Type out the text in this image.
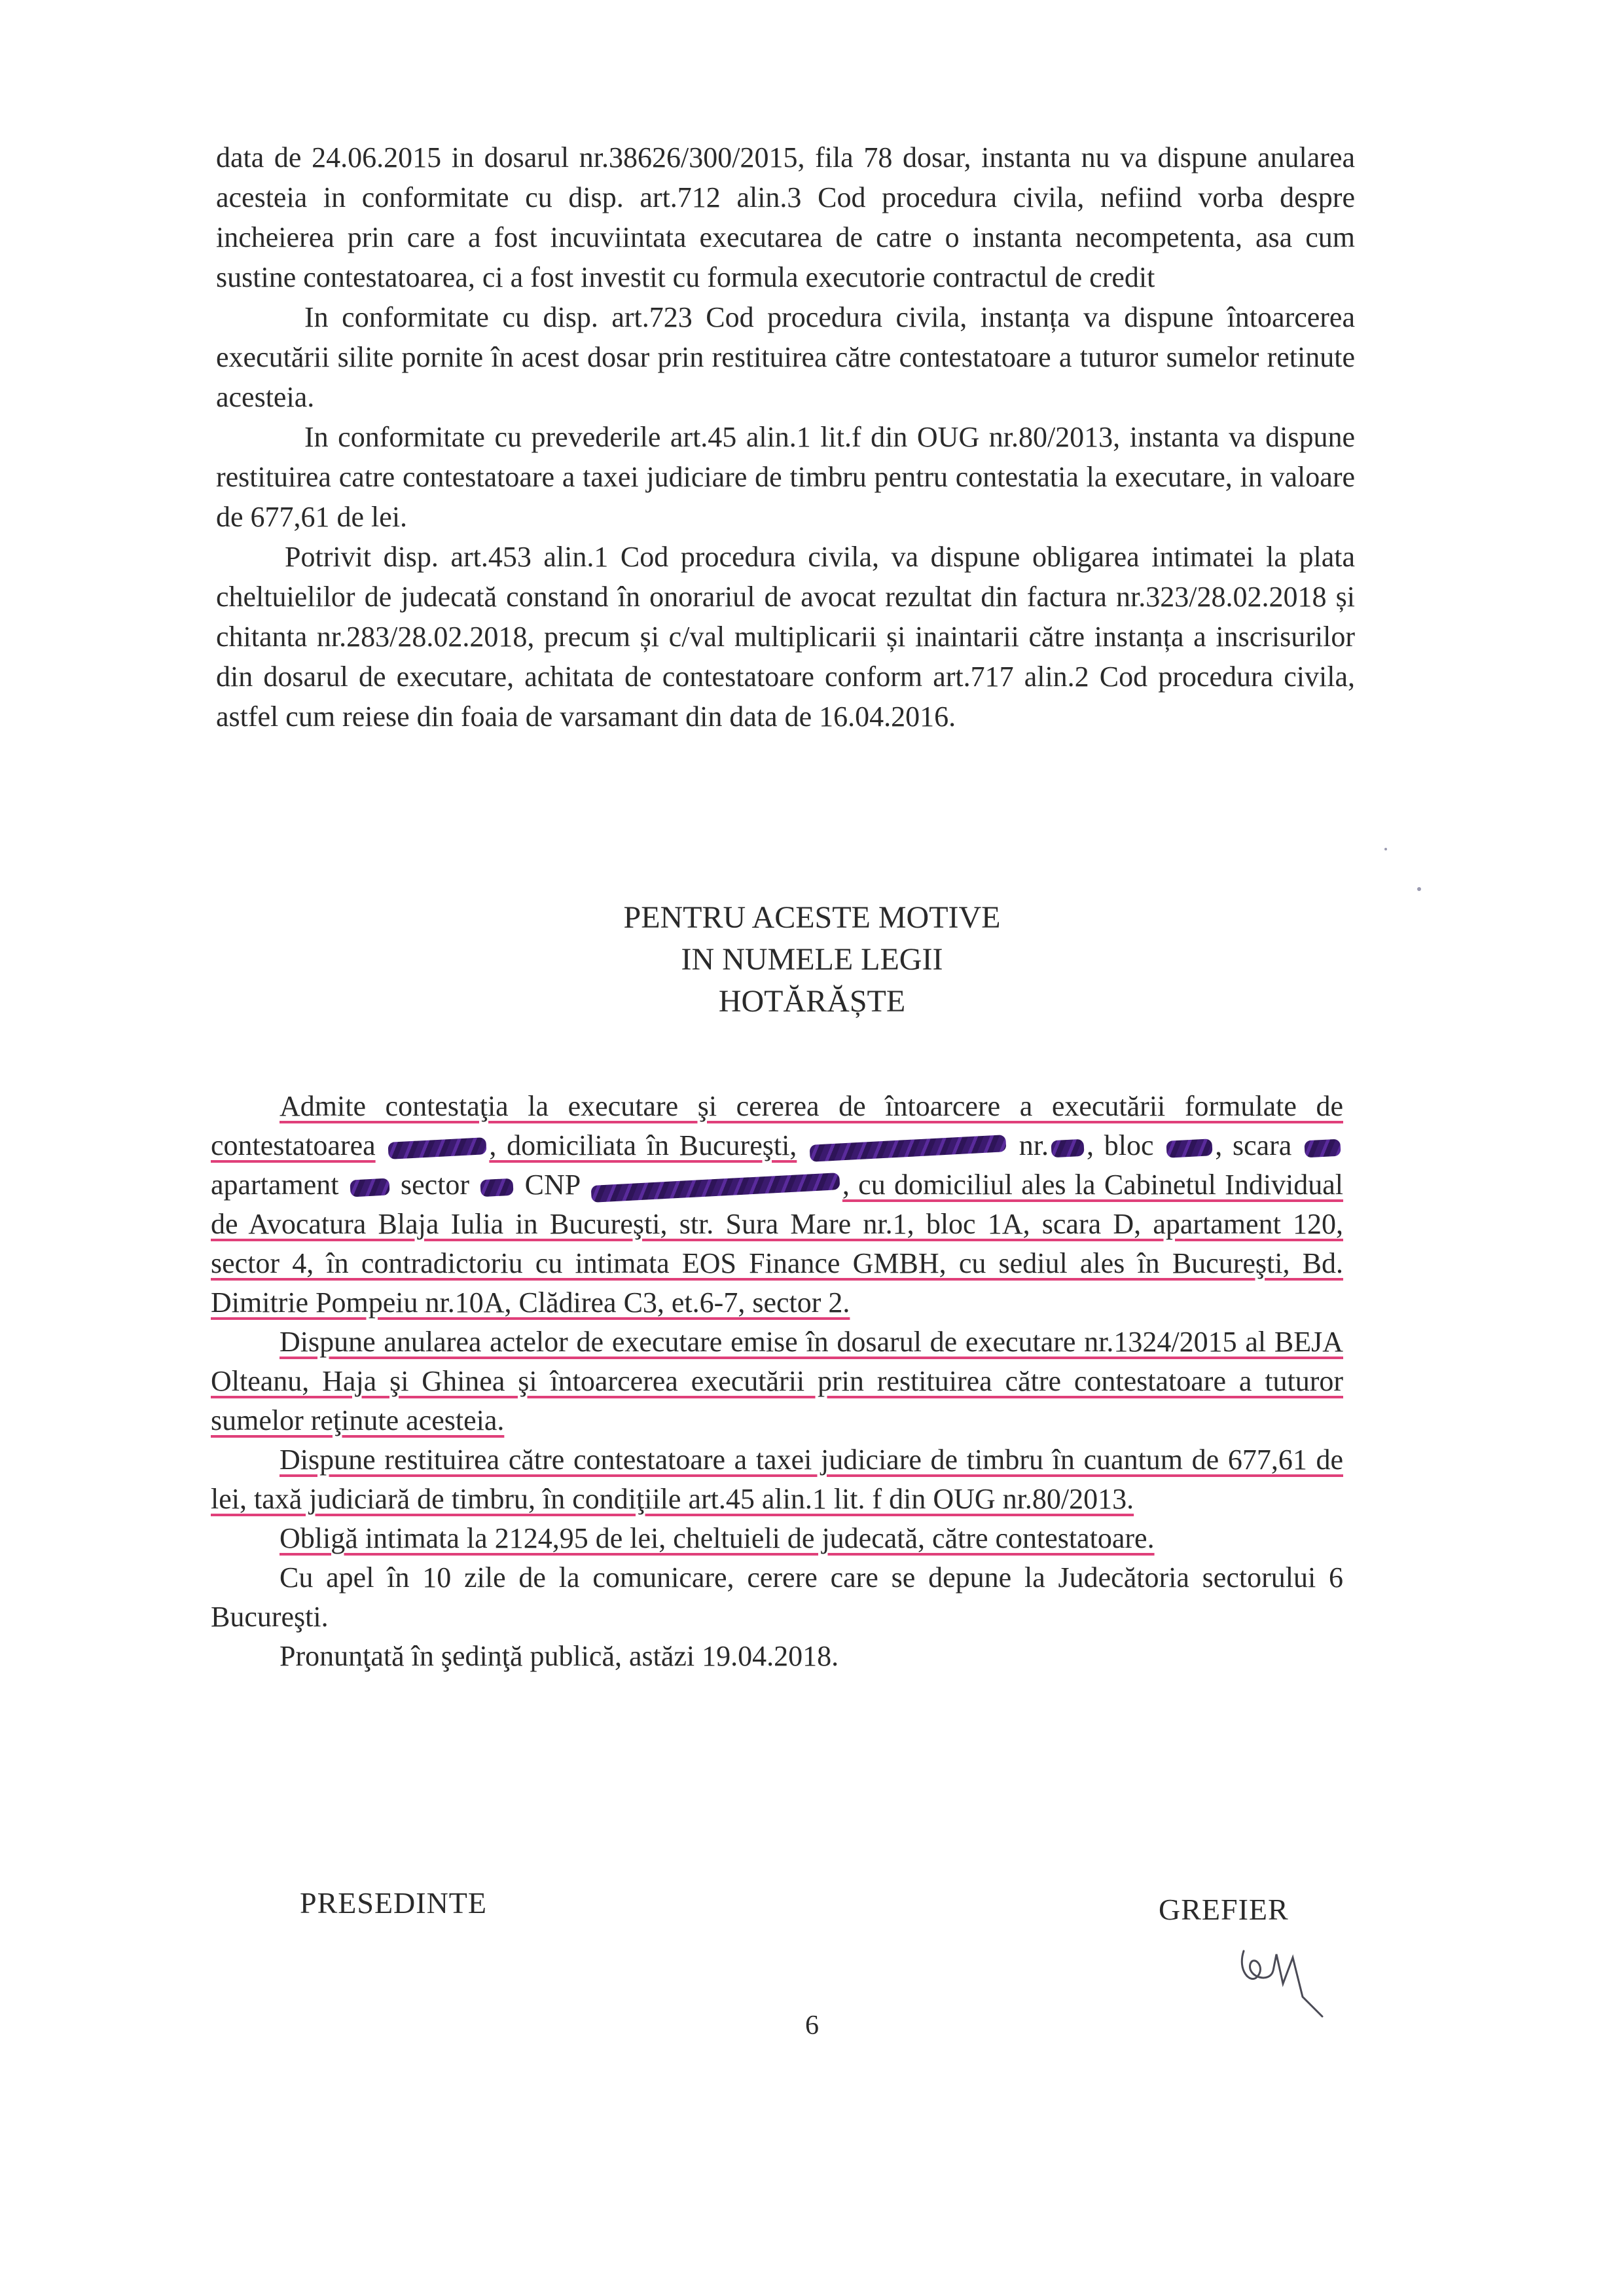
data de 24.06.2015 in dosarul nr.38626/300/2015, fila 78 dosar, instanta nu va dispune anularea acesteia in conformitate cu disp. art.712 alin.3 Cod procedura civila, nefiind vorba despre incheierea prin care a fost incuviintata executarea de catre o instanta necompetenta, asa cum sustine contestatoarea, ci a fost investit cu formula executorie contractul de credit

In conformitate cu disp. art.723 Cod procedura civila, instanța va dispune întoarcerea executării silite pornite în acest dosar prin restituirea către contestatoare a tuturor sumelor retinute acesteia.

In conformitate cu prevederile art.45 alin.1 lit.f din OUG nr.80/2013, instanta va dispune restituirea catre contestatoare a taxei judiciare de timbru pentru contestatia la executare, in valoare de 677,61 de lei.

Potrivit disp. art.453 alin.1 Cod procedura civila, va dispune obligarea intimatei la plata cheltuielilor de judecată constand în onorariul de avocat rezultat din factura nr.323/28.02.2018 și chitanta nr.283/28.02.2018, precum și c/val multiplicarii și inaintarii către instanța a inscrisurilor din dosarul de executare, achitata de contestatoare conform art.717 alin.2 Cod procedura civila, astfel cum reiese din foaia de varsamant din data de 16.04.2016.

PENTRU ACESTE MOTIVE
IN NUMELE LEGII
HOTĂRĂȘTE

Admite contestaţia la executare şi cererea de întoarcere a executării formulate de contestatoarea	, domiciliata în Bucureşti,	nr. , bloc , scara  apartament sector CNP	, cu domiciliul ales la Cabinetul Individual de Avocatura Blaja Iulia in Bucureşti, str. Sura Mare nr.1, bloc 1A, scara D, apartament 120, sector 4, în contradictoriu cu intimata EOS Finance GMBH, cu sediul ales în Bucureşti, Bd. Dimitrie Pompeiu nr.10A, Clădirea C3, et.6-7, sector 2.

Dispune anularea actelor de executare emise în dosarul de executare nr.1324/2015 al BEJA Olteanu, Haja şi Ghinea şi întoarcerea executării prin restituirea către contestatoare a tuturor sumelor reţinute acesteia.

Dispune restituirea către contestatoare a taxei judiciare de timbru în cuantum de 677,61 de lei, taxă judiciară de timbru, în condiţiile art.45 alin.1 lit. f din OUG nr.80/2013.

Obligă intimata la 2124,95 de lei, cheltuieli de judecată, către contestatoare.

Cu apel în 10 zile de la comunicare, cerere care se depune la Judecătoria sectorului 6 Bucureşti.

Pronunţată în şedinţă publică, astăzi 19.04.2018.

PRESEDINTE	GREFIER
6
